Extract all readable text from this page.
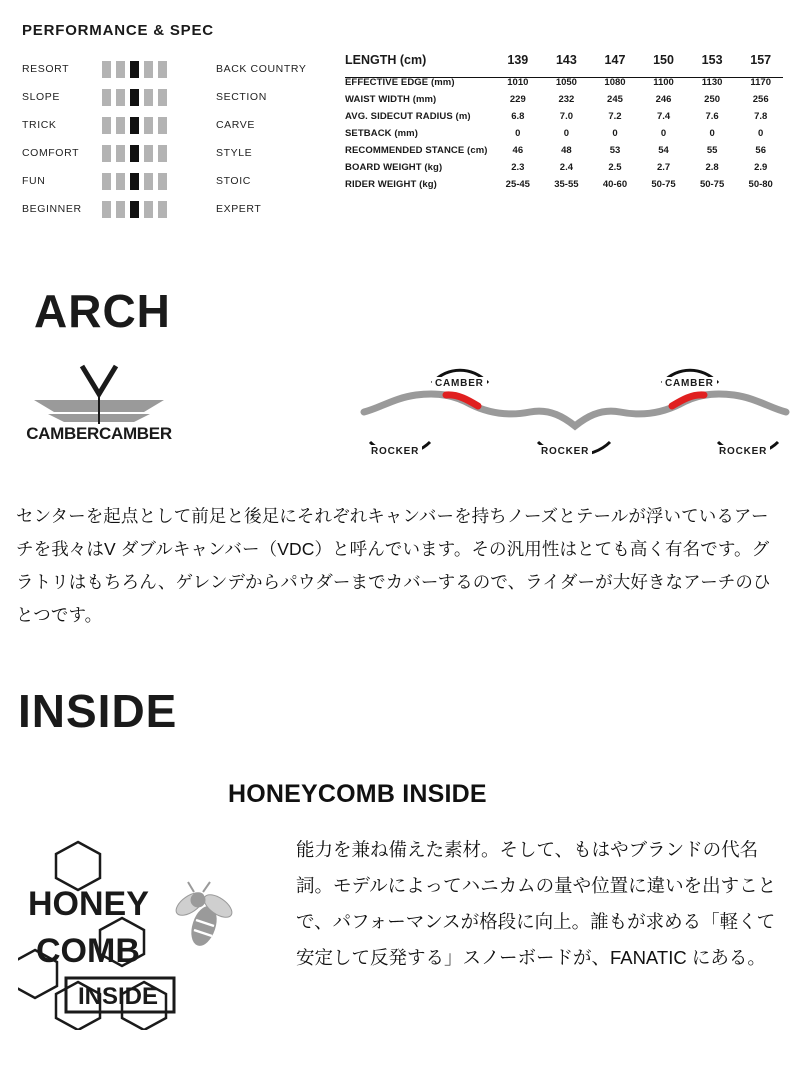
PERFORMANCE & SPEC
RESORT	BACK COUNTRY
SLOPE	SECTION
TRICK	CARVE
COMFORT	STYLE
FUN	STOIC
BEGINNER	EXPERT
LENGTH (cm)	139	143	147	150	153	157
EFFECTIVE EDGE (mm)	1010	1050	1080	1100	1130	1170
WAIST WIDTH (mm)	229	232	245	246	250	256
AVG. SIDECUT RADIUS (m)	6.8	7.0	7.2	7.4	7.6	7.8
SETBACK (mm)	0	0	0	0	0	0
RECOMMENDED STANCE (cm)	46	48	53	54	55	56
BOARD WEIGHT (kg)	2.3	2.4	2.5	2.7	2.8	2.9
RIDER WEIGHT (kg)	25-45	35-55	40-60	50-75	50-75	50-80
ARCH
CAMBERCAMBER
CAMBER	CAMBER
ROCKER	ROCKER	ROCKER
センターを起点として前足と後足にそれぞれキャンバーを持ちノーズとテールが浮いているアーチを我々はV ダブルキャンバー（VDC）と呼んでいます。その汎用性はとても高く有名です。グラトリはもちろん、ゲレンデからパウダーまでカバーするので、ライダーが大好きなアーチのひとつです。
INSIDE
HONEYCOMB INSIDE
HONEY
COMB
INSIDE
能力を兼ね備えた素材。そして、もはやブランドの代名詞。モデルによってハニカムの量や位置に違いを出すことで、パフォーマンスが格段に向上。誰もが求める「軽くて安定して反発する」スノーボードが、FANATIC にある。
